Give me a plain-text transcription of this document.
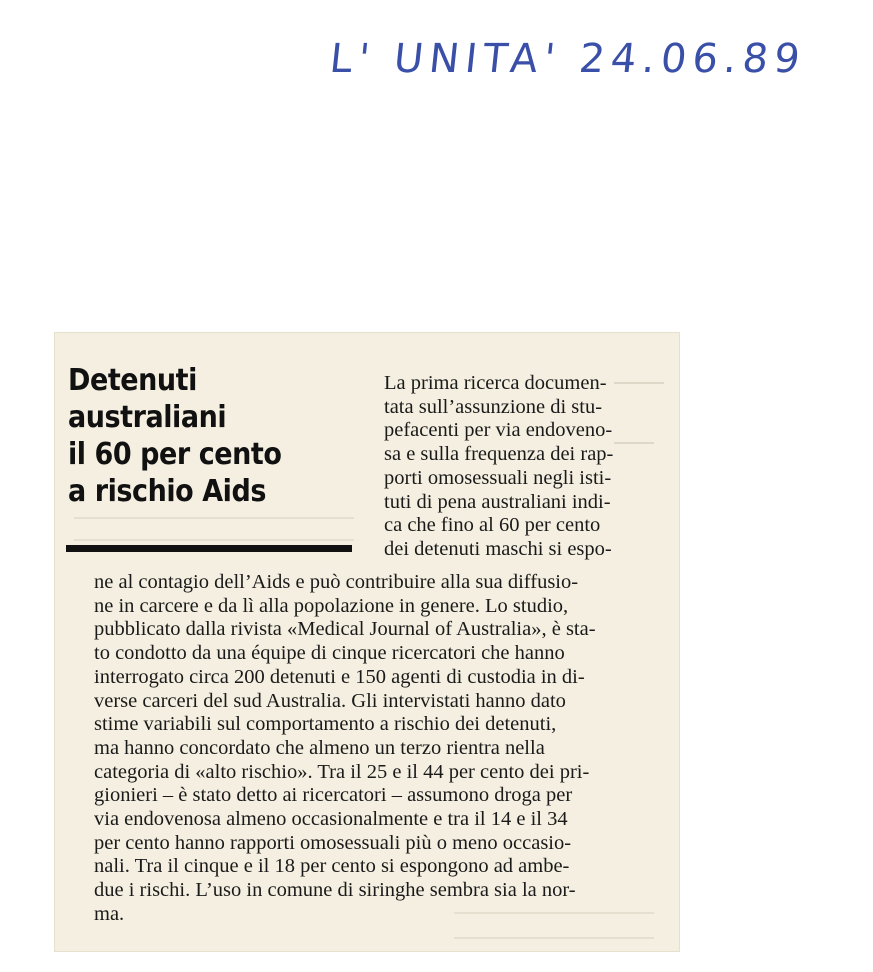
L' UNITA' 24.06.89
Detenuti
australiani
il 60 per cento
a rischio Aids
La prima ricerca documen-
tata sull’assunzione di stu-
pefacenti per via endoveno-
sa e sulla frequenza dei rap-
porti omosessuali negli isti-
tuti di pena australiani indi-
ca che fino al 60 per cento
dei detenuti maschi si espo-
ne al contagio dell’Aids e può contribuire alla sua diffusio-
ne in carcere e da lì alla popolazione in genere. Lo studio,
pubblicato dalla rivista «Medical Journal of Australia», è sta-
to condotto da una équipe di cinque ricercatori che hanno
interrogato circa 200 detenuti e 150 agenti di custodia in di-
verse carceri del sud Australia. Gli intervistati hanno dato
stime variabili sul comportamento a rischio dei detenuti,
ma hanno concordato che almeno un terzo rientra nella
categoria di «alto rischio». Tra il 25 e il 44 per cento dei pri-
gionieri – è stato detto ai ricercatori – assumono droga per
via endovenosa almeno occasionalmente e tra il 14 e il 34
per cento hanno rapporti omosessuali più o meno occasio-
nali. Tra il cinque e il 18 per cento si espongono ad ambe-
due i rischi. L’uso in comune di siringhe sembra sia la nor-
ma.
